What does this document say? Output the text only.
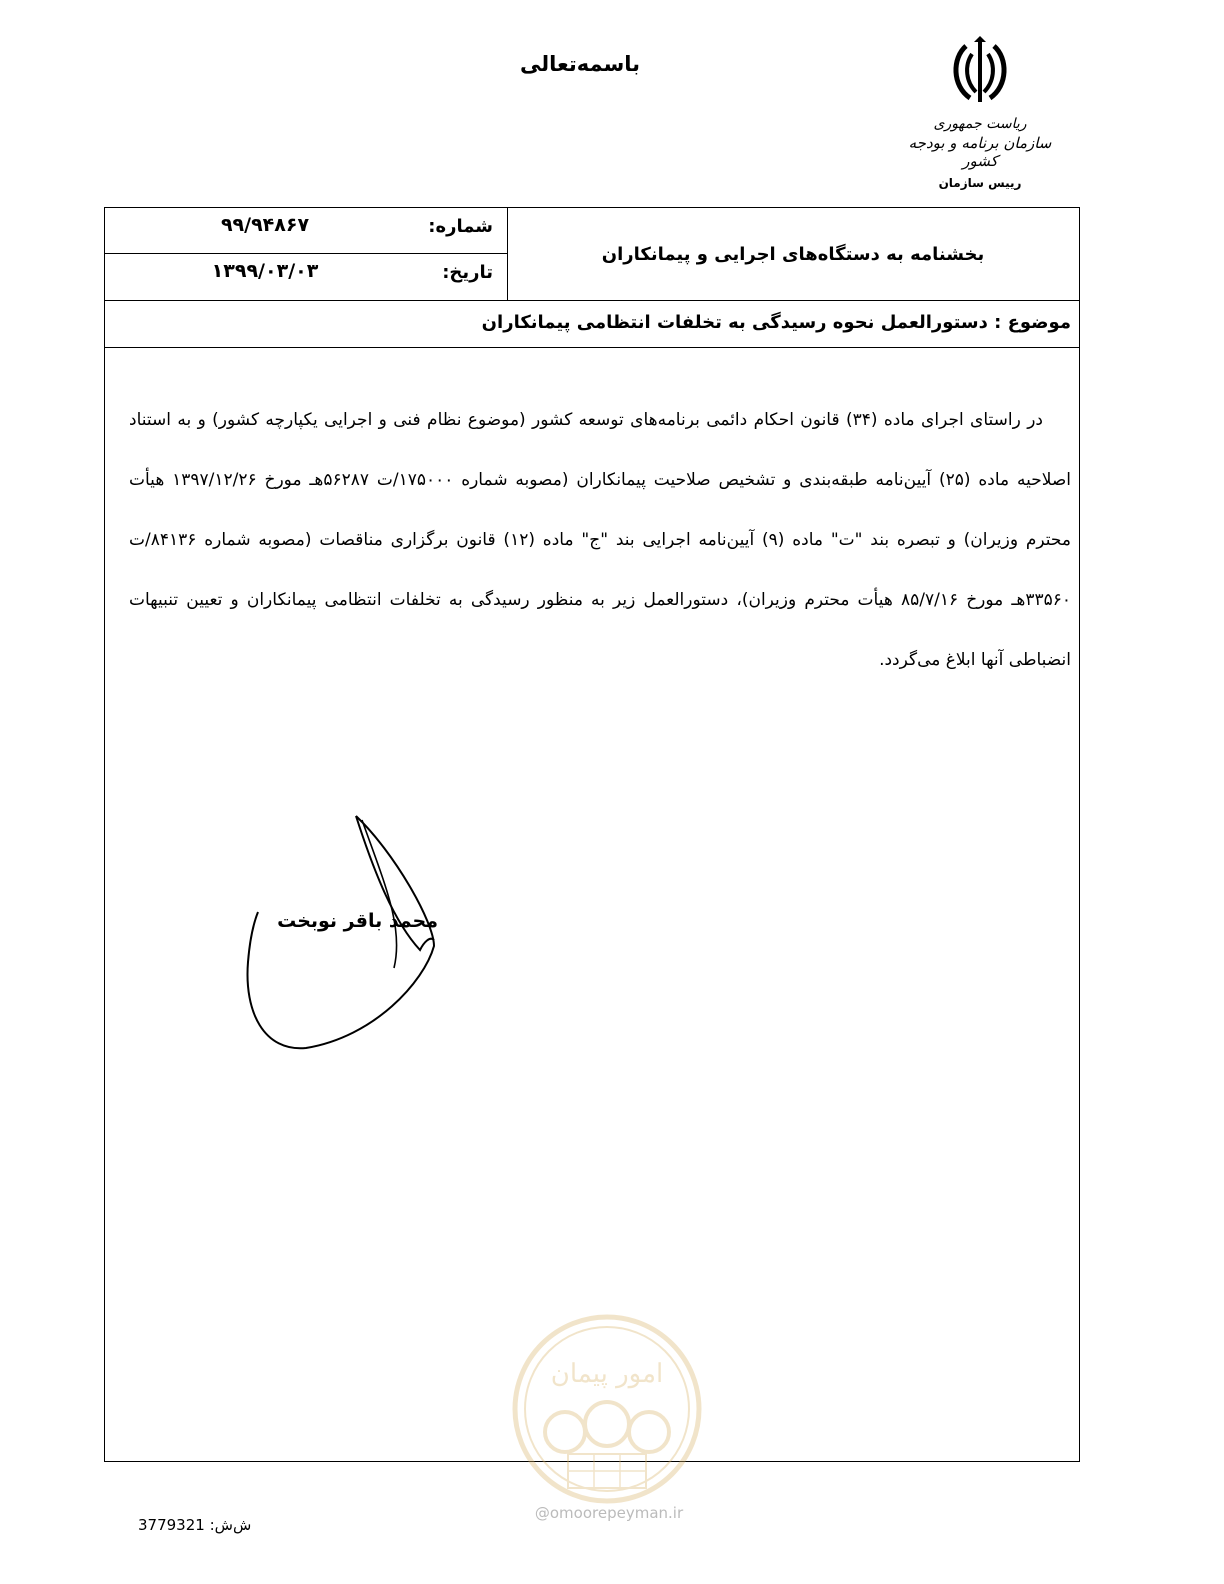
باسمه‌تعالی
ریاست جمهوری
سازمان برنامه و بودجه کشور
رییس سازمان
بخشنامه به دستگاه‌های اجرایی و پیمانکاران
شماره:
۹۹/۹۴۸۶۷
تاریخ:
۱۳۹۹/۰۳/۰۳
موضوع : دستورالعمل نحوه رسیدگی به تخلفات انتظامی پیمانکاران
در راستای اجرای ماده (۳۴) قانون احکام دائمی برنامه‌های توسعه کشور (موضوع نظام فنی و اجرایی یکپارچه کشور) و به استناد اصلاحیه ماده (۲۵) آیین‌نامه طبقه‌بندی و تشخیص صلاحیت پیمانکاران (مصوبه شماره ۱۷۵۰۰۰/ت ۵۶۲۸۷هـ مورخ ۱۳۹۷/۱۲/۲۶ هیأت محترم وزیران) و تبصره بند "ت" ماده (۹) آیین‌نامه اجرایی بند "ج" ماده (۱۲) قانون برگزاری مناقصات (مصوبه شماره ۸۴۱۳۶/ت ۳۳۵۶۰هـ مورخ ۸۵/۷/۱۶ هیأت محترم وزیران)، دستورالعمل زیر به منظور رسیدگی به تخلفات انتظامی پیمانکاران و تعیین تنبیهات انضباطی آنها ابلاغ می‌گردد.
محمد باقر نوبخت
امور پیمان
@omoorepeyman.ir
ش‌ش: 3779321
